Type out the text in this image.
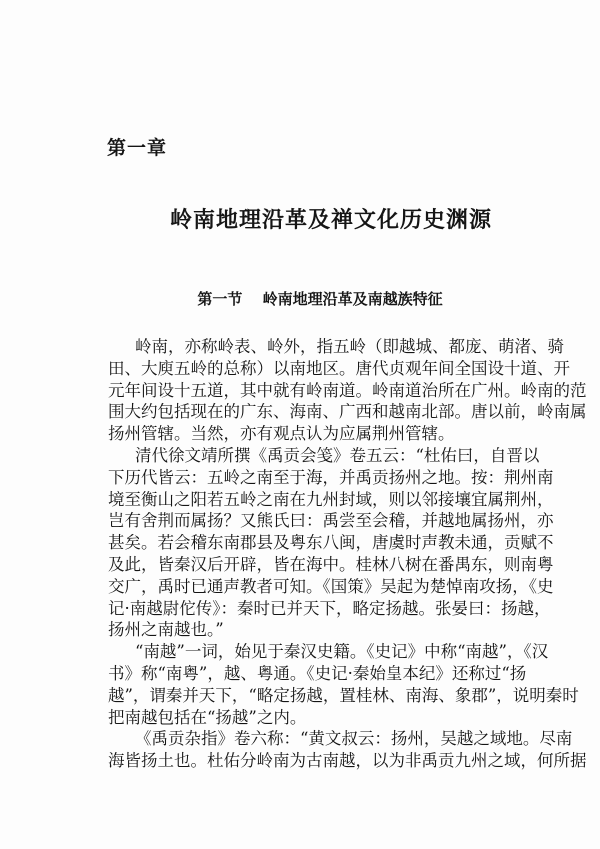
第一章
岭南地理沿革及禅文化历史渊源
第一节　 岭南地理沿革及南越族特征
岭南，亦称岭表、岭外，指五岭（即越城、都庞、萌渚、骑
田、大庾五岭的总称）以南地区。唐代贞观年间全国设十道、开
元年间设十五道，其中就有岭南道。岭南道治所在广州。岭南的范
围大约包括现在的广东、海南、广西和越南北部。唐以前，岭南属
扬州管辖。当然，亦有观点认为应属荆州管辖。
清代徐文靖所撰《禹贡会笺》卷五云：“杜佑曰，自晋以
下历代皆云：五岭之南至于海，并禹贡扬州之地。按：荆州南
境至衡山之阳若五岭之南在九州封域，则以邻接壤宜属荆州，
岂有舍荆而属扬？又熊氏曰：禹尝至会稽，并越地属扬州，亦
甚矣。若会稽东南郡县及粤东八闽，唐虞时声教未通，贡赋不
及此，皆秦汉后开辟，皆在海中。桂林八树在番禺东，则南粤
交广，禹时已通声教者可知。《国策》吴起为楚悼南攻扬，《史
记·南越尉佗传》：秦时已并天下，略定扬越。张晏曰：扬越，
扬州之南越也。”
“南越”一词，始见于秦汉史籍。《史记》中称“南越”，《汉
书》称“南粤”，越、粤通。《史记·秦始皇本纪》还称过“扬
越”，谓秦并天下，“略定扬越，置桂林、南海、象郡”，说明秦时
把南越包括在“扬越”之内。
《禹贡杂指》卷六称：“黄文叔云：扬州，吴越之域地。尽南
海皆扬土也。杜佑分岭南为古南越，以为非禹贡九州之域，何所据
